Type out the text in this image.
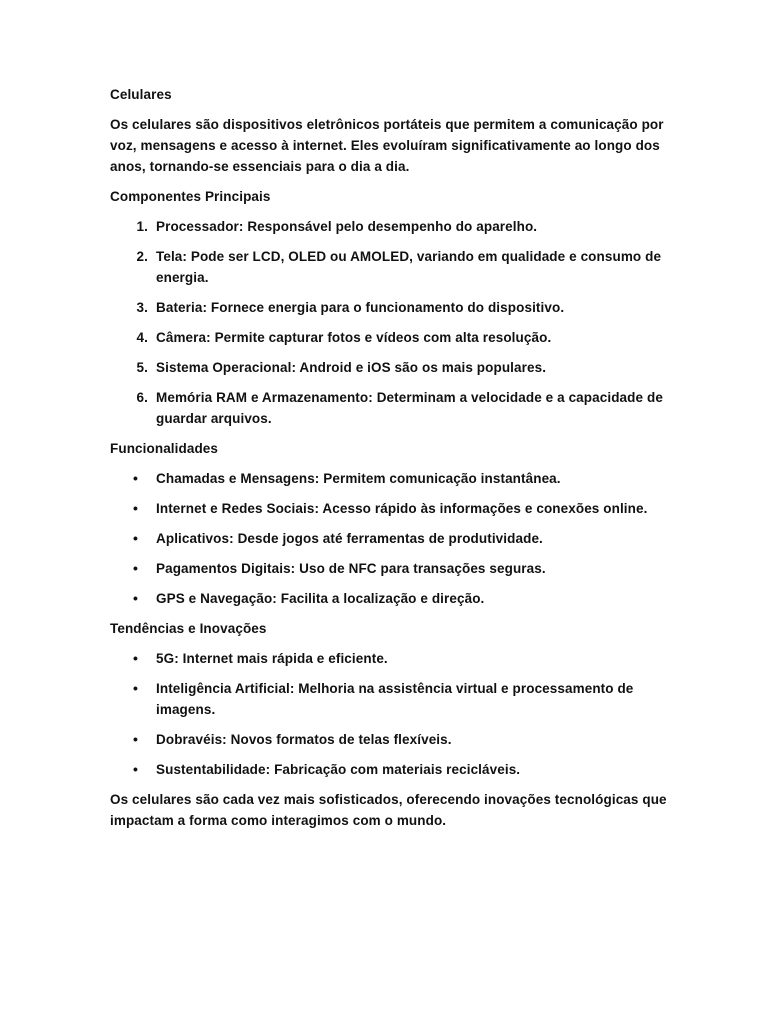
Celulares
Os celulares são dispositivos eletrônicos portáteis que permitem a comunicação por voz, mensagens e acesso à internet. Eles evoluíram significativamente ao longo dos anos, tornando-se essenciais para o dia a dia.
Componentes Principais
1. Processador: Responsável pelo desempenho do aparelho.
2. Tela: Pode ser LCD, OLED ou AMOLED, variando em qualidade e consumo de energia.
3. Bateria: Fornece energia para o funcionamento do dispositivo.
4. Câmera: Permite capturar fotos e vídeos com alta resolução.
5. Sistema Operacional: Android e iOS são os mais populares.
6. Memória RAM e Armazenamento: Determinam a velocidade e a capacidade de guardar arquivos.
Funcionalidades
• Chamadas e Mensagens: Permitem comunicação instantânea.
• Internet e Redes Sociais: Acesso rápido às informações e conexões online.
• Aplicativos: Desde jogos até ferramentas de produtividade.
• Pagamentos Digitais: Uso de NFC para transações seguras.
• GPS e Navegação: Facilita a localização e direção.
Tendências e Inovações
• 5G: Internet mais rápida e eficiente.
• Inteligência Artificial: Melhoria na assistência virtual e processamento de imagens.
• Dobravéis: Novos formatos de telas flexíveis.
• Sustentabilidade: Fabricação com materiais recicláveis.
Os celulares são cada vez mais sofisticados, oferecendo inovações tecnológicas que impactam a forma como interagimos com o mundo.
